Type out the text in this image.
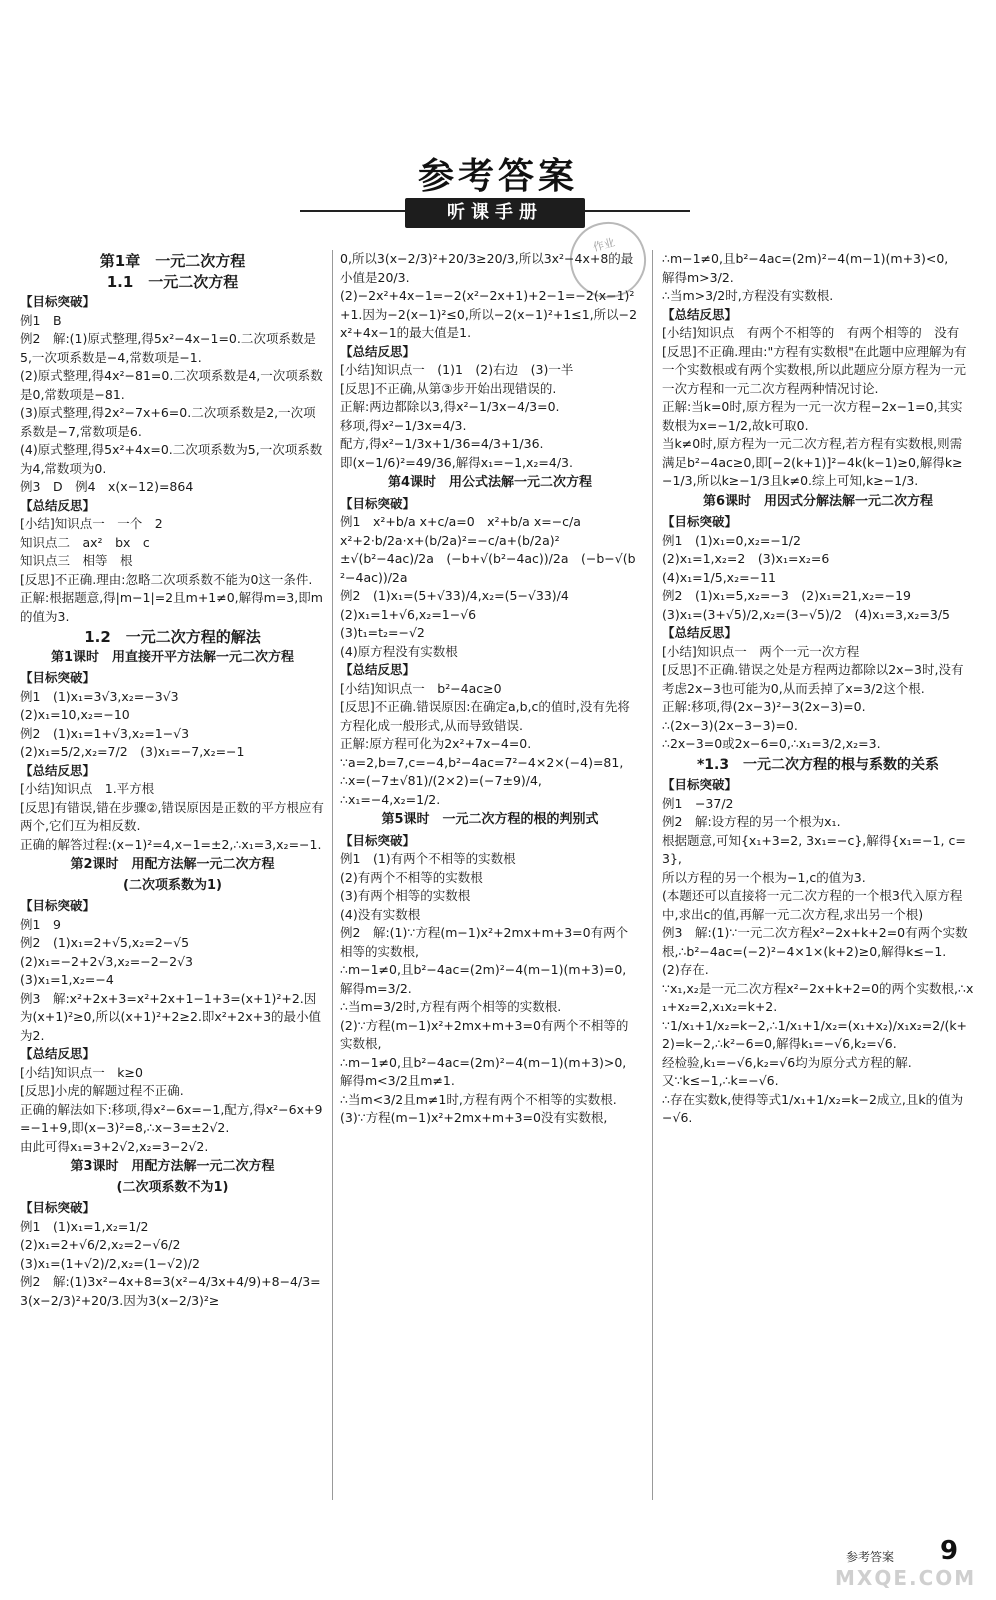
参考答案
听课手册
作业
第1章　一元二次方程
1.1　一元二次方程
【目标突破】
例1　B
例2　解:(1)原式整理,得5x²−4x−1=0.二次项系数是5,一次项系数是−4,常数项是−1.
(2)原式整理,得4x²−81=0.二次项系数是4,一次项系数是0,常数项是−81.
(3)原式整理,得2x²−7x+6=0.二次项系数是2,一次项系数是−7,常数项是6.
(4)原式整理,得5x²+4x=0.二次项系数为5,一次项系数为4,常数项为0.
例3　D　例4　x(x−12)=864
【总结反思】
[小结]知识点一　一个　2
知识点二　ax²　bx　c
知识点三　相等　根
[反思]不正确.理由:忽略二次项系数不能为0这一条件.
正解:根据题意,得|m−1|=2且m+1≠0,解得m=3,即m的值为3.
1.2　一元二次方程的解法
第1课时　用直接开平方法解一元二次方程
【目标突破】
例1　(1)x₁=3√3,x₂=−3√3
(2)x₁=10,x₂=−10
例2　(1)x₁=1+√3,x₂=1−√3
(2)x₁=5/2,x₂=7/2　(3)x₁=−7,x₂=−1
【总结反思】
[小结]知识点　1.平方根
[反思]有错误,错在步骤②,错误原因是正数的平方根应有两个,它们互为相反数.
正确的解答过程:(x−1)²=4,x−1=±2,∴x₁=3,x₂=−1.
第2课时　用配方法解一元二次方程
(二次项系数为1)
【目标突破】
例1　9
例2　(1)x₁=2+√5,x₂=2−√5
(2)x₁=−2+2√3,x₂=−2−2√3
(3)x₁=1,x₂=−4
例3　解:x²+2x+3=x²+2x+1−1+3=(x+1)²+2.因为(x+1)²≥0,所以(x+1)²+2≥2.即x²+2x+3的最小值为2.
【总结反思】
[小结]知识点一　k≥0
[反思]小虎的解题过程不正确.
正确的解法如下:移项,得x²−6x=−1,配方,得x²−6x+9=−1+9,即(x−3)²=8,∴x−3=±2√2.
由此可得x₁=3+2√2,x₂=3−2√2.
第3课时　用配方法解一元二次方程
(二次项系数不为1)
【目标突破】
例1　(1)x₁=1,x₂=1/2
(2)x₁=2+√6/2,x₂=2−√6/2
(3)x₁=(1+√2)/2,x₂=(1−√2)/2
例2　解:(1)3x²−4x+8=3(x²−4/3x+4/9)+8−4/3=3(x−2/3)²+20/3.因为3(x−2/3)²≥
0,所以3(x−2/3)²+20/3≥20/3,所以3x²−4x+8的最小值是20/3.
(2)−2x²+4x−1=−2(x²−2x+1)+2−1=−2(x−1)²+1.因为−2(x−1)²≤0,所以−2(x−1)²+1≤1,所以−2x²+4x−1的最大值是1.
【总结反思】
[小结]知识点一　(1)1　(2)右边　(3)一半
[反思]不正确,从第③步开始出现错误的.
正解:两边都除以3,得x²−1/3x−4/3=0.
移项,得x²−1/3x=4/3.
配方,得x²−1/3x+1/36=4/3+1/36.
即(x−1/6)²=49/36,解得x₁=−1,x₂=4/3.
第4课时　用公式法解一元二次方程
【目标突破】
例1　x²+b/a x+c/a=0　x²+b/a x=−c/a
x²+2·b/2a·x+(b/2a)²=−c/a+(b/2a)²
±√(b²−4ac)/2a　(−b+√(b²−4ac))/2a　(−b−√(b²−4ac))/2a
例2　(1)x₁=(5+√33)/4,x₂=(5−√33)/4
(2)x₁=1+√6,x₂=1−√6
(3)t₁=t₂=−√2
(4)原方程没有实数根
【总结反思】
[小结]知识点一　b²−4ac≥0
[反思]不正确.错误原因:在确定a,b,c的值时,没有先将方程化成一般形式,从而导致错误.
正解:原方程可化为2x²+7x−4=0.
∵a=2,b=7,c=−4,b²−4ac=7²−4×2×(−4)=81,
∴x=(−7±√81)/(2×2)=(−7±9)/4,
∴x₁=−4,x₂=1/2.
第5课时　一元二次方程的根的判别式
【目标突破】
例1　(1)有两个不相等的实数根
(2)有两个不相等的实数根
(3)有两个相等的实数根
(4)没有实数根
例2　解:(1)∵方程(m−1)x²+2mx+m+3=0有两个相等的实数根,
∴m−1≠0,且b²−4ac=(2m)²−4(m−1)(m+3)=0,
解得m=3/2.
∴当m=3/2时,方程有两个相等的实数根.
(2)∵方程(m−1)x²+2mx+m+3=0有两个不相等的实数根,
∴m−1≠0,且b²−4ac=(2m)²−4(m−1)(m+3)>0,
解得m<3/2且m≠1.
∴当m<3/2且m≠1时,方程有两个不相等的实数根.
(3)∵方程(m−1)x²+2mx+m+3=0没有实数根,
∴m−1≠0,且b²−4ac=(2m)²−4(m−1)(m+3)<0,
解得m>3/2.
∴当m>3/2时,方程没有实数根.
【总结反思】
[小结]知识点　有两个不相等的　有两个相等的　没有
[反思]不正确.理由:"方程有实数根"在此题中应理解为有一个实数根或有两个实数根,所以此题应分原方程为一元一次方程和一元二次方程两种情况讨论.
正解:当k=0时,原方程为一元一次方程−2x−1=0,其实数根为x=−1/2,故k可取0.
当k≠0时,原方程为一元二次方程,若方程有实数根,则需满足b²−4ac≥0,即[−2(k+1)]²−4k(k−1)≥0,解得k≥−1/3,所以k≥−1/3且k≠0.综上可知,k≥−1/3.
第6课时　用因式分解法解一元二次方程
【目标突破】
例1　(1)x₁=0,x₂=−1/2
(2)x₁=1,x₂=2　(3)x₁=x₂=6
(4)x₁=1/5,x₂=−11
例2　(1)x₁=5,x₂=−3　(2)x₁=21,x₂=−19
(3)x₁=(3+√5)/2,x₂=(3−√5)/2　(4)x₁=3,x₂=3/5
【总结反思】
[小结]知识点一　两个一元一次方程
[反思]不正确.错误之处是方程两边都除以2x−3时,没有考虑2x−3也可能为0,从而丢掉了x=3/2这个根.
正解:移项,得(2x−3)²−3(2x−3)=0.
∴(2x−3)(2x−3−3)=0.
∴2x−3=0或2x−6=0,∴x₁=3/2,x₂=3.
*1.3　一元二次方程的根与系数的关系
【目标突破】
例1　−37/2
例2　解:设方程的另一个根为x₁.
根据题意,可知{x₁+3=2, 3x₁=−c},解得{x₁=−1, c=3},
所以方程的另一个根为−1,c的值为3.
(本题还可以直接将一元二次方程的一个根3代入原方程中,求出c的值,再解一元二次方程,求出另一个根)
例3　解:(1)∵一元二次方程x²−2x+k+2=0有两个实数根,∴b²−4ac=(−2)²−4×1×(k+2)≥0,解得k≤−1.
(2)存在.
∵x₁,x₂是一元二次方程x²−2x+k+2=0的两个实数根,∴x₁+x₂=2,x₁x₂=k+2.
∵1/x₁+1/x₂=k−2,∴1/x₁+1/x₂=(x₁+x₂)/x₁x₂=2/(k+2)=k−2,∴k²−6=0,解得k₁=−√6,k₂=√6.
经检验,k₁=−√6,k₂=√6均为原分式方程的解.
又∵k≤−1,∴k=−√6.
∴存在实数k,使得等式1/x₁+1/x₂=k−2成立,且k的值为−√6.
参考答案 9
MXQE.COM
